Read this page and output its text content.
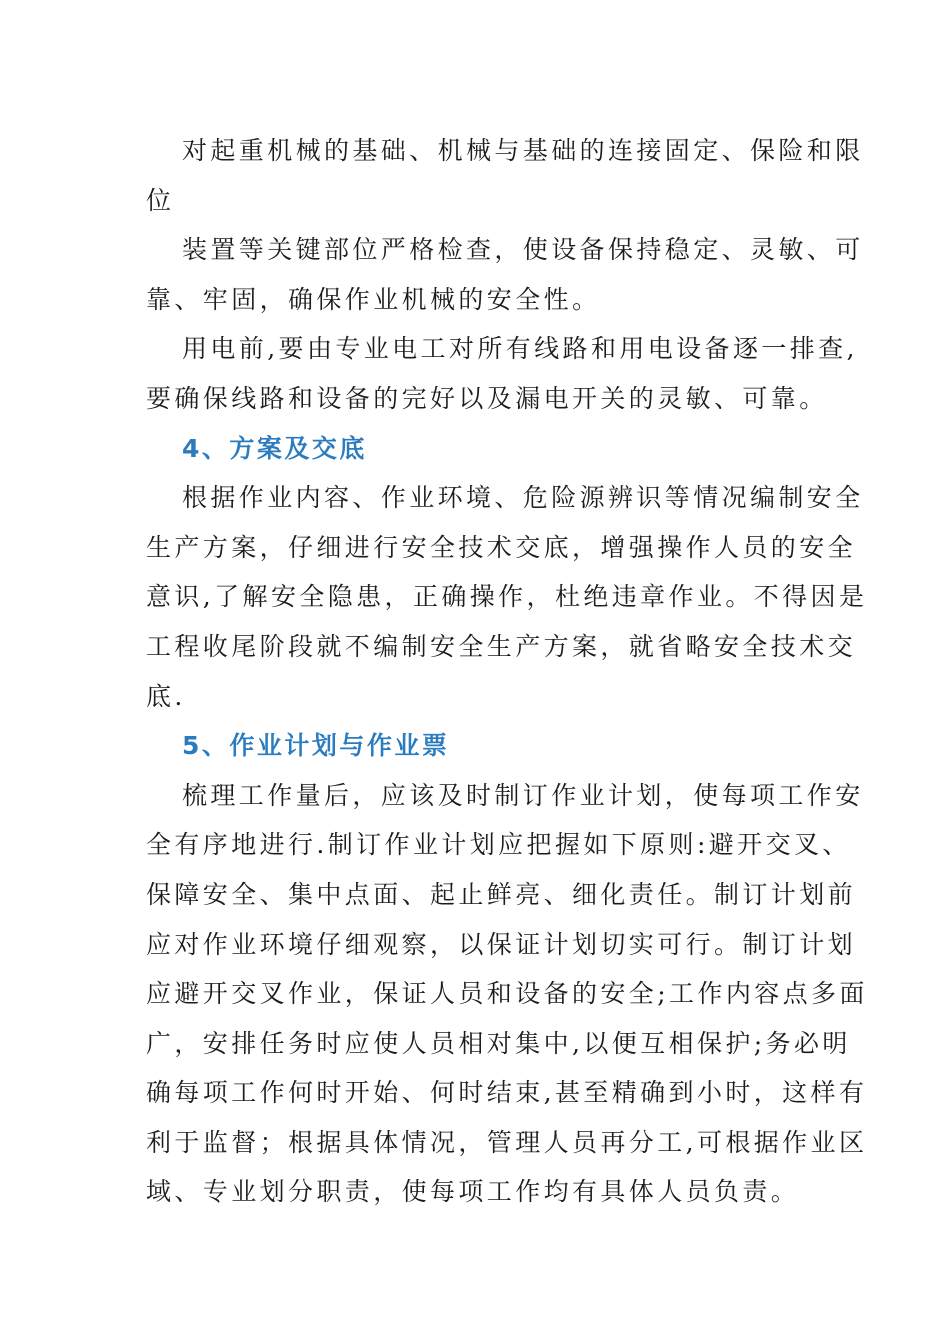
对起重机械的基础、机械与基础的连接固定、保险和限
位
装置等关键部位严格检查，使设备保持稳定、灵敏、可
靠、牢固，确保作业机械的安全性。
用电前,要由专业电工对所有线路和用电设备逐一排查,
要确保线路和设备的完好以及漏电开关的灵敏、可靠。
4、方案及交底
根据作业内容、作业环境、危险源辨识等情况编制安全
生产方案，仔细进行安全技术交底，增强操作人员的安全
意识,了解安全隐患，正确操作，杜绝违章作业。不得因是
工程收尾阶段就不编制安全生产方案，就省略安全技术交
底.
5、作业计划与作业票
梳理工作量后，应该及时制订作业计划，使每项工作安
全有序地进行.制订作业计划应把握如下原则:避开交叉、
保障安全、集中点面、起止鲜亮、细化责任。制订计划前
应对作业环境仔细观察，以保证计划切实可行。制订计划
应避开交叉作业，保证人员和设备的安全;工作内容点多面
广，安排任务时应使人员相对集中,以便互相保护;务必明
确每项工作何时开始、何时结束,甚至精确到小时，这样有
利于监督；根据具体情况，管理人员再分工,可根据作业区
域、专业划分职责，使每项工作均有具体人员负责。
